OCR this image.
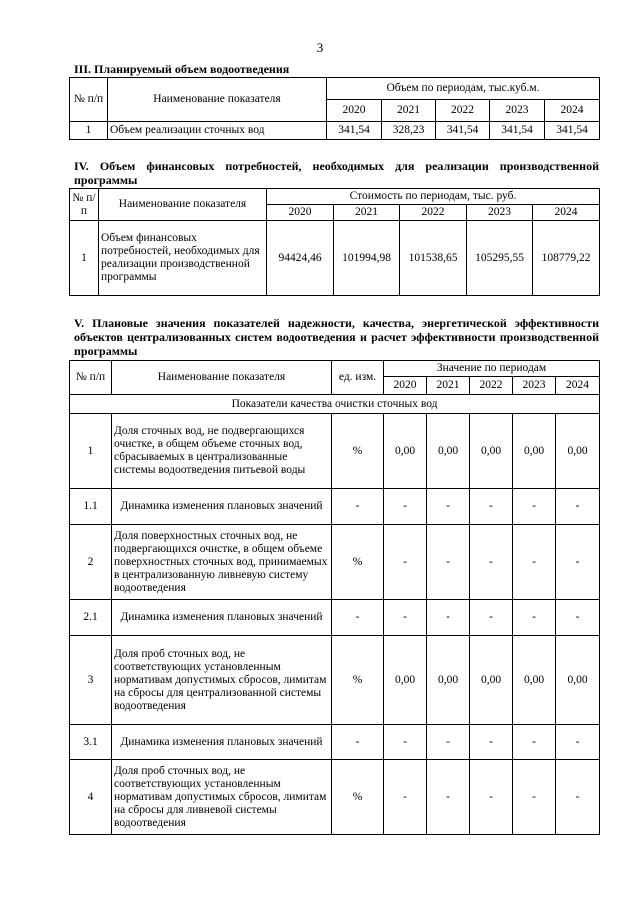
3
III. Планируемый объем водоотведения
№ п/п	Наименование показателя	Объем по периодам, тыс.куб.м.				
		2020	2021	2022	2023	2024
1	Объем реализации сточных вод	341,54	328,23	341,54	341,54	341,54
IV. Объем финансовых потребностей, необходимых для реализации производственной программы
№ п/п	Наименование показателя	Стоимость по периодам, тыс. руб.				
		2020	2021	2022	2023	2024
1	Объем финансовых потребностей, необходимых для реализации производственной программы	94424,46	101994,98	101538,65	105295,55	108779,22
V. Плановые значения показателей надежности, качества, энергетической эффективности объектов централизованных систем водоотведения и расчет эффективности производственной программы
№ п/п	Наименование показателя	ед. изм.	Значение по периодам				
			2020	2021	2022	2023	2024
Показатели качества очистки сточных вод							
1	Доля сточных вод, не подвергающихся очистке, в общем объеме сточных вод, сбрасываемых в централизованные системы водоотведения питьевой воды	%	0,00	0,00	0,00	0,00	0,00
1.1	Динамика изменения плановых значений	-	-	-	-	-	-
2	Доля поверхностных сточных вод, не подвергающихся очистке, в общем объеме поверхностных сточных вод, принимаемых в централизованную ливневую систему водоотведения	%	-	-	-	-	-
2.1	Динамика изменения плановых значений	-	-	-	-	-	-
3	Доля проб сточных вод, не соответствующих установленным нормативам допустимых сбросов, лимитам на сбросы для централизованной системы водоотведения	%	0,00	0,00	0,00	0,00	0,00
3.1	Динамика изменения плановых значений	-	-	-	-	-	-
4	Доля проб сточных вод, не соответствующих установленным нормативам допустимых сбросов, лимитам на сбросы для ливневой системы водоотведения	%	-	-	-	-	-
